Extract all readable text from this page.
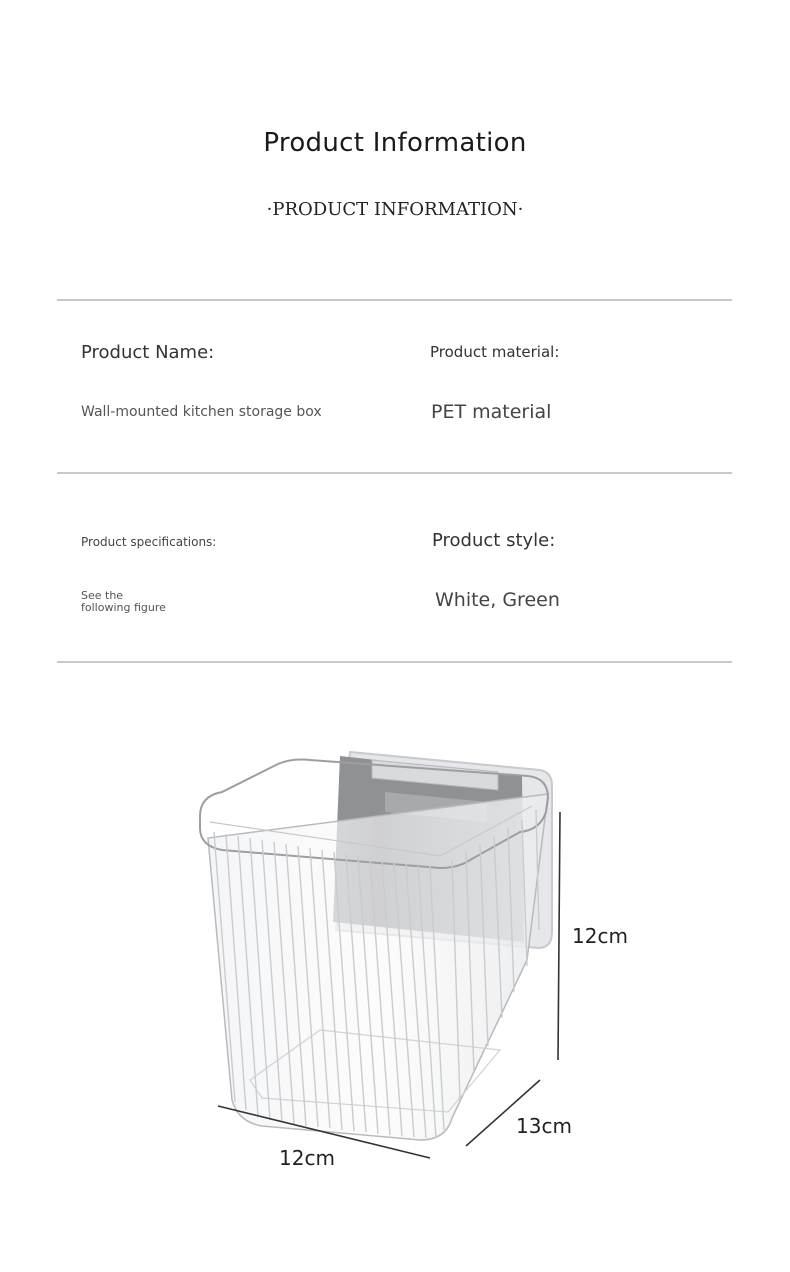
Product Information
·PRODUCT INFORMATION·
Product Name:	Product material:
Wall-mounted kitchen storage box	PET material
Product specifications:	Product style:
See the
following figure	White, Green
12cm
13cm
12cm
